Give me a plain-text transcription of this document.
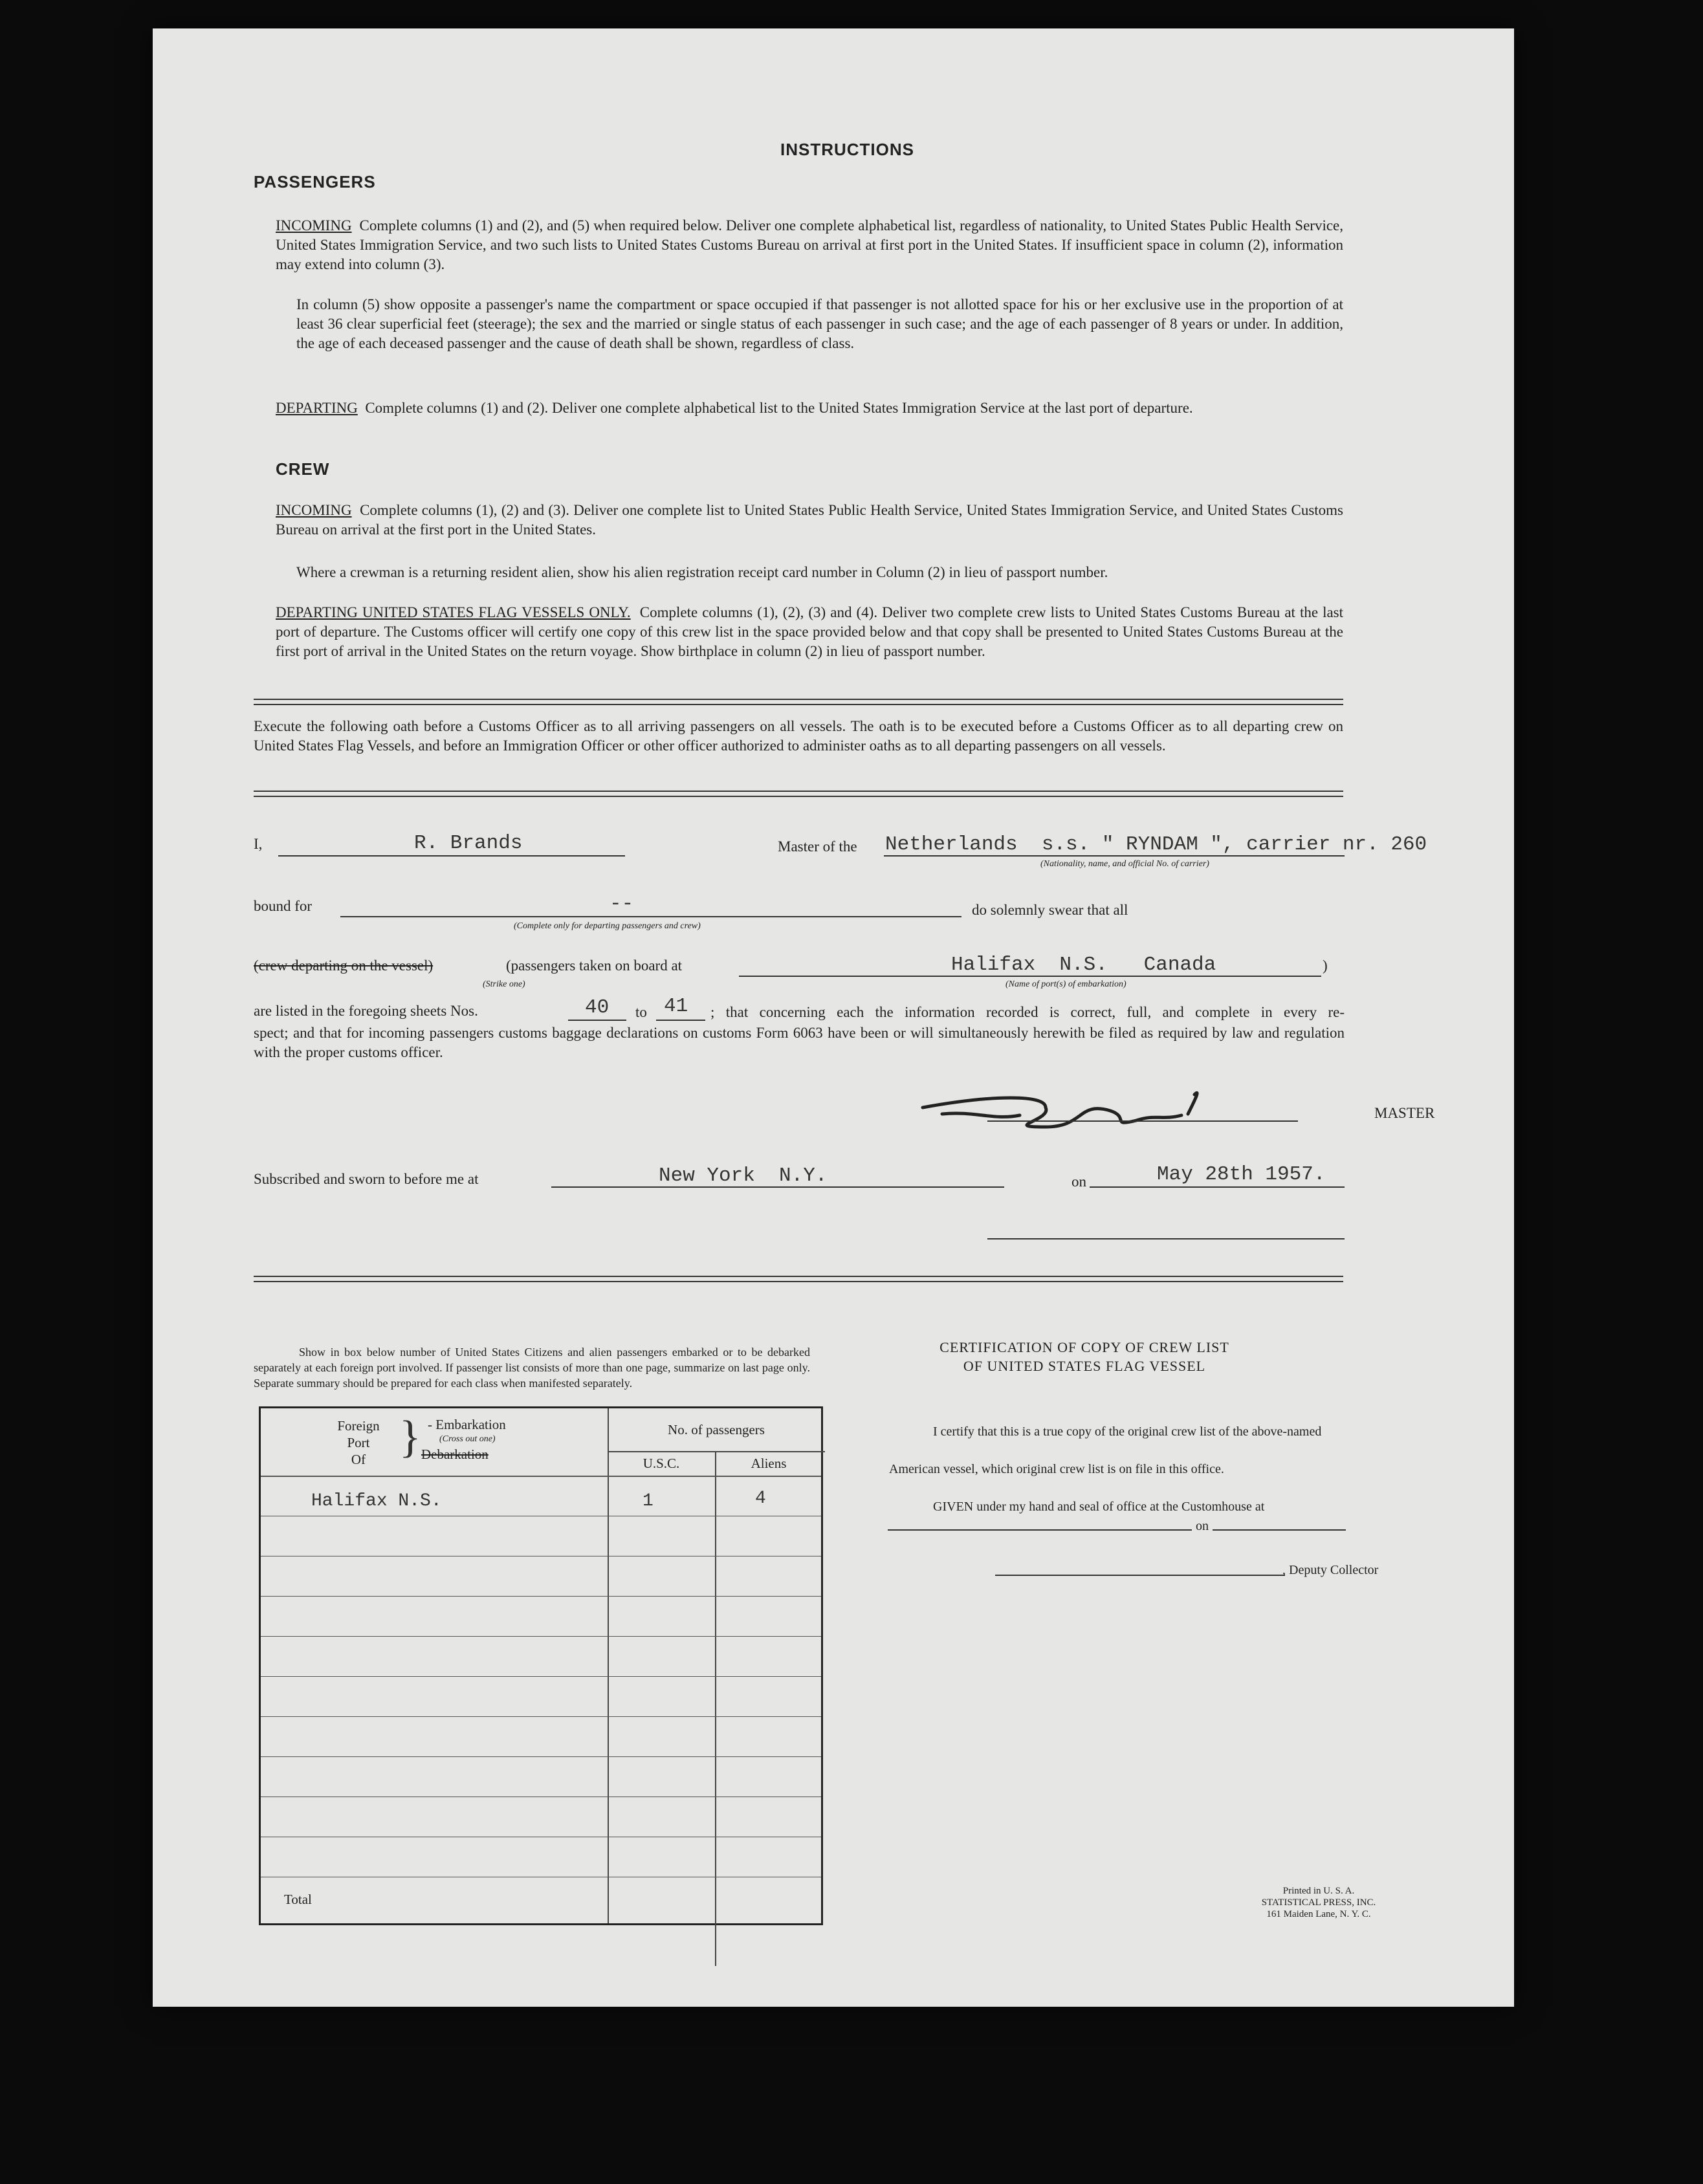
INSTRUCTIONS
PASSENGERS
INCOMING Complete columns (1) and (2), and (5) when required below. Deliver one complete alphabetical list, regardless of nationality, to United States Public Health Service, United States Immigration Service, and two such lists to United States Customs Bureau on arrival at first port in the United States. If insufficient space in column (2), information may extend into column (3).
In column (5) show opposite a passenger's name the compartment or space occupied if that passenger is not allotted space for his or her exclusive use in the proportion of at least 36 clear superficial feet (steerage); the sex and the married or single status of each passenger in such case; and the age of each passenger of 8 years or under. In addition, the age of each deceased passenger and the cause of death shall be shown, regardless of class.
DEPARTING Complete columns (1) and (2). Deliver one complete alphabetical list to the United States Immigration Service at the last port of departure.
CREW
INCOMING Complete columns (1), (2) and (3). Deliver one complete list to United States Public Health Service, United States Immigration Service, and United States Customs Bureau on arrival at the first port in the United States.
Where a crewman is a returning resident alien, show his alien registration receipt card number in Column (2) in lieu of passport number.
DEPARTING UNITED STATES FLAG VESSELS ONLY. Complete columns (1), (2), (3) and (4). Deliver two complete crew lists to United States Customs Bureau at the last port of departure. The Customs officer will certify one copy of this crew list in the space provided below and that copy shall be presented to United States Customs Bureau at the first port of arrival in the United States on the return voyage. Show birthplace in column (2) in lieu of passport number.
Execute the following oath before a Customs Officer as to all arriving passengers on all vessels. The oath is to be executed before a Customs Officer as to all departing crew on United States Flag Vessels, and before an Immigration Officer or other officer authorized to administer oaths as to all departing passengers on all vessels.
I,	R. Brands	Master of the Netherlands  s.s. " RYNDAM ", carrier nr. 260
(Nationality, name, and official No. of carrier)
bound for	--
(Complete only for departing passengers and crew)
do solemnly swear that all
(crew departing on the vessel)	(passengers taken on board at
(Strike one)
Halifax  N.S.   Canada
(Name of port(s) of embarkation)
)
are listed in the foregoing sheets Nos.	40 to 41 ; that concerning each the information recorded is correct, full, and complete in every re-
spect; and that for incoming passengers customs baggage declarations on customs Form 6063 have been or will simultaneously herewith be filed as required by law and regulation with the proper customs officer.
MASTER
Subscribed and sworn to before me at	New York  N.Y.	on	May 28th 1957.
Show in box below number of United States Citizens and alien passengers embarked or to be debarked separately at each foreign port involved. If passenger list consists of more than one page, summarize on last page only. Separate summary should be prepared for each class when manifested separately.
Foreign
Port
Of } - Embarkation
(Cross out one)
Debarkation
No. of passengers
U.S.C.	Aliens
Halifax N.S.	1	4
Total
CERTIFICATION OF COPY OF CREW LIST
OF UNITED STATES FLAG VESSEL
I certify that this is a true copy of the original crew list of the above-named
American vessel, which original crew list is on file in this office.
GIVEN under my hand and seal of office at the Customhouse at
on
, Deputy Collector
Printed in U. S. A.
STATISTICAL PRESS, INC.
161 Maiden Lane, N. Y. C.
